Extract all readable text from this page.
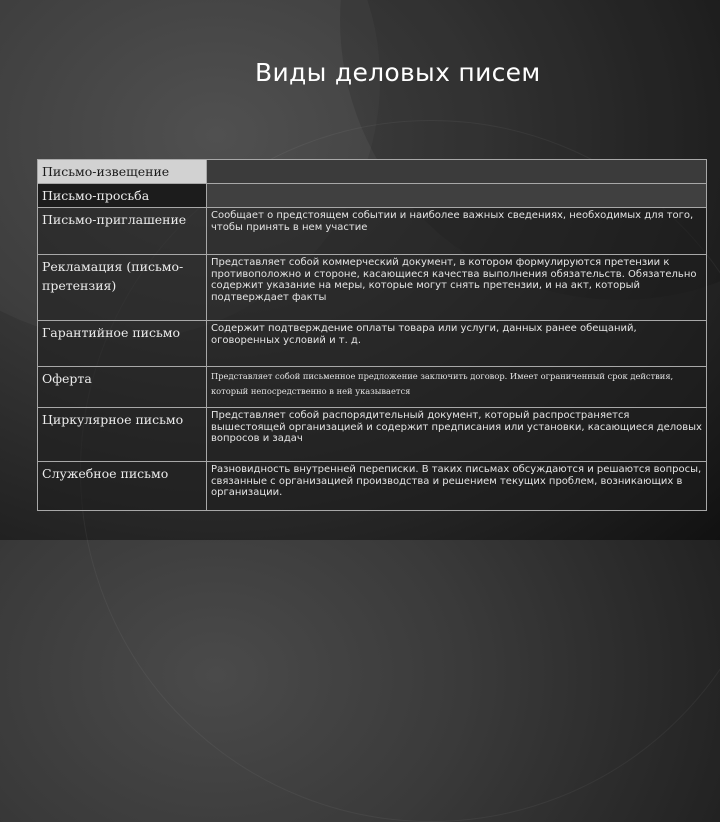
Виды деловых писем
Письмо-извещение	
Письмо-просьба	
Письмо-приглашение	Сообщает о предстоящем событии и наиболее важных сведениях, необходимых для того, чтобы принять в нем участие
Рекламация (письмо-претензия)	Представляет собой коммерческий документ, в котором формулируются претензии к противоположно и стороне, касающиеся качества выполнения обязательств. Обязательно содержит указание на меры, которые могут снять претензии, и на акт, который подтверждает факты
Гарантийное письмо	Содержит подтверждение оплаты товара или услуги, данных ранее обещаний, оговоренных условий и т. д.
Оферта	Представляет собой письменное предложение заключить договор. Имеет ограниченный срок действия, который непосредственно в ней указывается
Циркулярное письмо	Представляет собой распорядительный документ, который распространяется вышестоящей организацией и содержит предписания или установки, касающиеся деловых вопросов и задач
Служебное письмо	Разновидность внутренней переписки. В таких письмах обсуждаются и решаются вопросы, связанные с организацией производства и решением текущих проблем, возникающих в организации.
